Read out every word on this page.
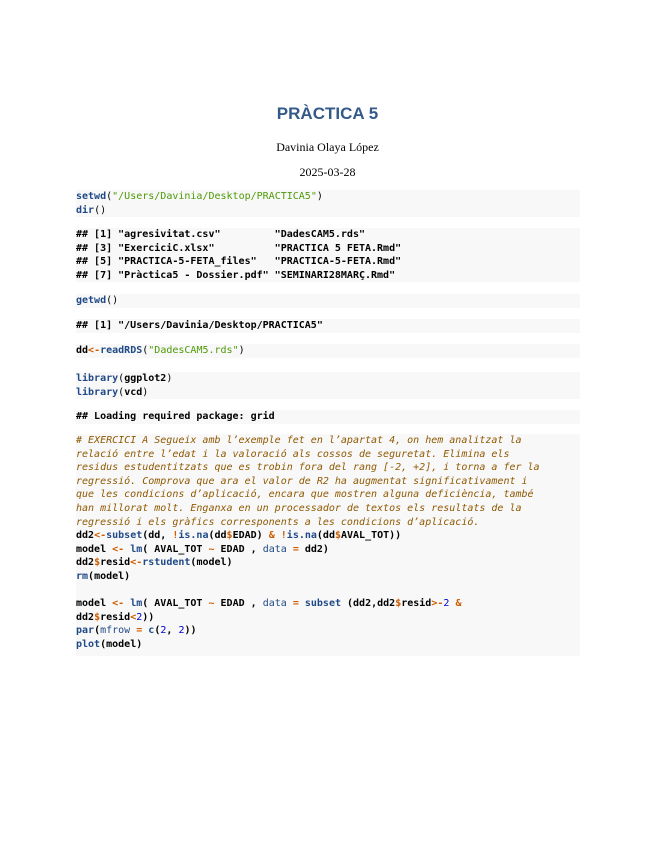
PRÀCTICA 5
Davinia Olaya López
2025-03-28
setwd("/Users/Davinia/Desktop/PRACTICA5")
dir()
## [1] "agresivitat.csv"         "DadesCAM5.rds"
## [3] "ExerciciC.xlsx"          "PRACTICA 5 FETA.Rmd"
## [5] "PRACTICA-5-FETA_files"   "PRACTICA-5-FETA.Rmd"
## [7] "Pràctica5 - Dossier.pdf" "SEMINARI28MARÇ.Rmd"
getwd()
## [1] "/Users/Davinia/Desktop/PRACTICA5"
dd<-readRDS("DadesCAM5.rds")
library(ggplot2)
library(vcd)
## Loading required package: grid
# EXERCICI A Segueix amb l’exemple fet en l’apartat 4, on hem analitzat la
relació entre l’edat i la valoració als cossos de seguretat. Elimina els
residus estudentitzats que es trobin fora del rang [-2, +2], i torna a fer la
regressió. Comprova que ara el valor de R2 ha augmentat significativament i
que les condicions d’aplicació, encara que mostren alguna deficiència, també
han millorat molt. Enganxa en un processador de textos els resultats de la
regressió i els gràfics corresponents a les condicions d’aplicació.
dd2<-subset(dd, !is.na(dd$EDAD) & !is.na(dd$AVAL_TOT))
model <- lm( AVAL_TOT ~ EDAD , data = dd2)
dd2$resid<-rstudent(model)
rm(model)

model <- lm( AVAL_TOT ~ EDAD , data = subset (dd2,dd2$resid>-2 &
dd2$resid<2))
par(mfrow = c(2, 2))
plot(model)
